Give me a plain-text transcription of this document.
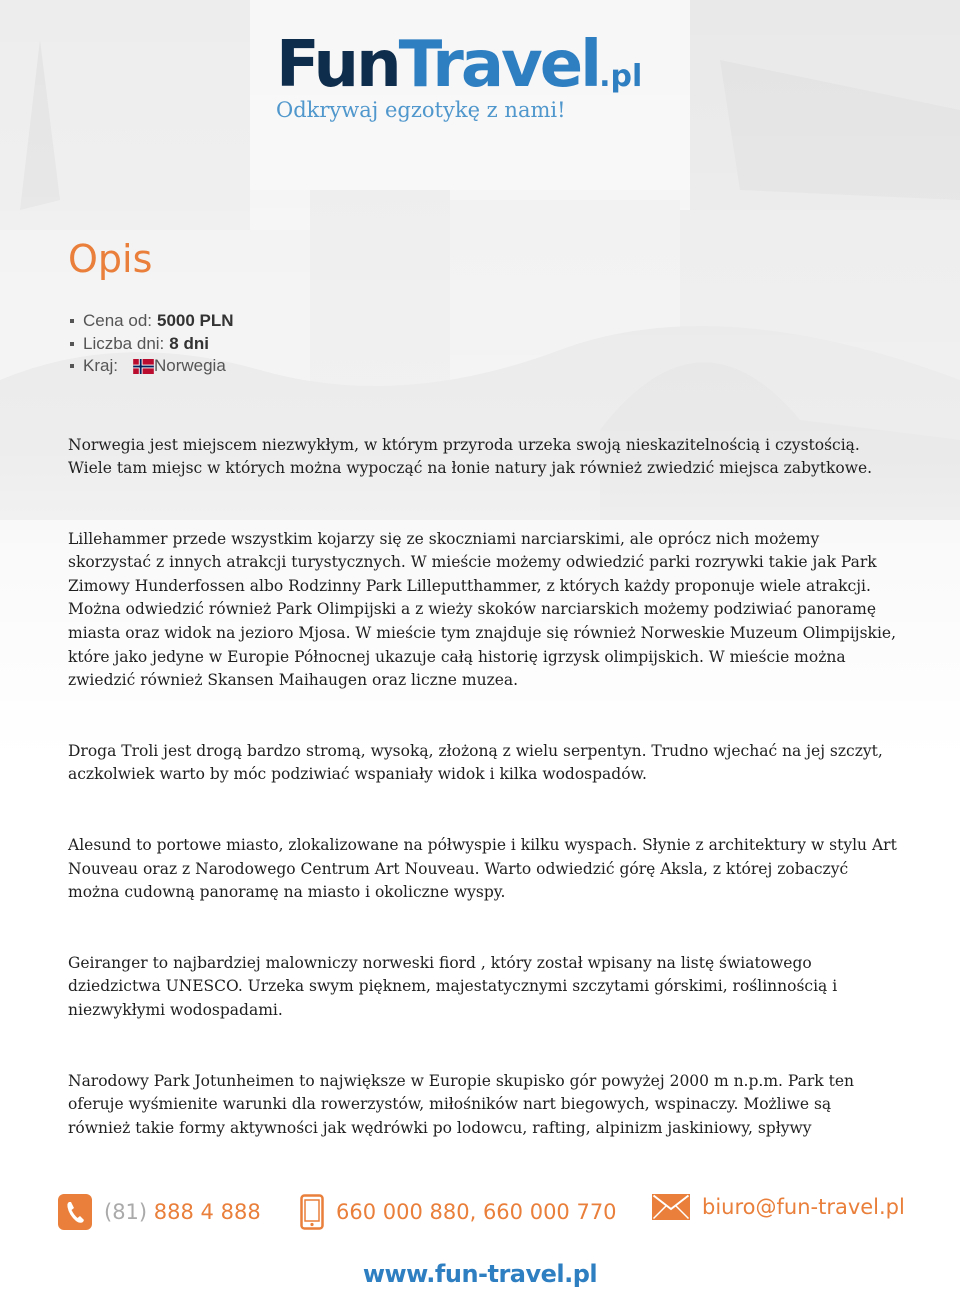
FunTravel.pl
Odkrywaj egzotykę z nami!
Opis
Cena od: 5000 PLN
Liczba dni: 8 dni
Kraj: Norwegia

Norwegia jest miejscem niezwykłym, w którym przyroda urzeka swoją nieskazitelnością i czystością. Wiele tam miejsc w których można wypocząć na łonie natury jak również zwiedzić miejsca zabytkowe.

Lillehammer przede wszystkim kojarzy się ze skoczniami narciarskimi, ale oprócz nich możemy skorzystać z innych atrakcji turystycznych. W mieście możemy odwiedzić parki rozrywki takie jak Park Zimowy Hunderfossen albo Rodzinny Park Lilleputthammer, z których każdy proponuje wiele atrakcji. Można odwiedzić również Park Olimpijski a z wieży skoków narciarskich możemy podziwiać panoramę miasta oraz widok na jezioro Mjosa. W mieście tym znajduje się również Norweskie Muzeum Olimpijskie, które jako jedyne w Europie Północnej ukazuje całą historię igrzysk olimpijskich. W mieście można zwiedzić również Skansen Maihaugen oraz liczne muzea.

Droga Troli jest drogą bardzo stromą, wysoką, złożoną z wielu serpentyn. Trudno wjechać na jej szczyt, aczkolwiek warto by móc podziwiać wspaniały widok i kilka wodospadów.

Alesund to portowe miasto, zlokalizowane na półwyspie i kilku wyspach. Słynie z architektury w stylu Art Nouveau oraz z Narodowego Centrum Art Nouveau. Warto odwiedzić górę Aksla, z której zobaczyć można cudowną panoramę na miasto i okoliczne wyspy.

Geiranger to najbardziej malowniczy norweski fiord , który został wpisany na listę światowego dziedzictwa UNESCO. Urzeka swym pięknem, majestatycznymi szczytami górskimi, roślinnością i niezwykłymi wodospadami.

Narodowy Park Jotunheimen to największe w Europie skupisko gór powyżej 2000 m n.p.m. Park ten oferuje wyśmienite warunki dla rowerzystów, miłośników nart biegowych, wspinaczy. Możliwe są również takie formy aktywności jak wędrówki po lodowcu, rafting, alpinizm jaskiniowy, spływy

(81) 888 4 888	660 000 880, 660 000 770	biuro@fun-travel.pl
www.fun-travel.pl
